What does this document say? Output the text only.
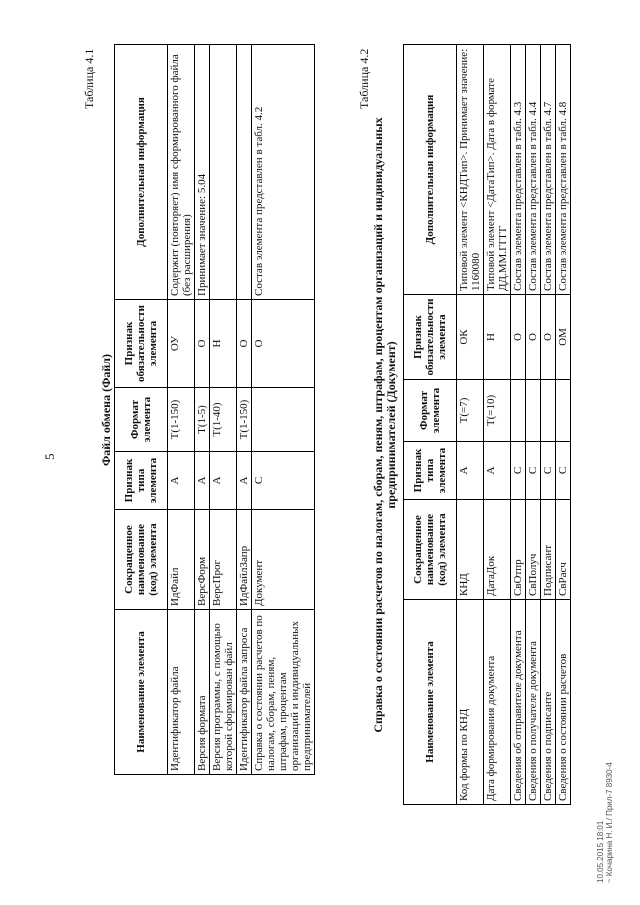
5
Таблица 4.1
Файл обмена (Файл)
Наименование элемента	Сокращенное наименование (код) элемента	Признак типа элемента	Формат элемента	Признак обязательности элемента	Дополнительная информация
Идентификатор файла	ИдФайл	А	T(1-150)	ОУ	Содержит (повторяет) имя сформированного файла (без расширения)
Версия формата	ВерсФорм	А	T(1-5)	О	Принимает значение: 5.04
Версия программы, с помощью которой сформирован файл	ВерсПрог	А	T(1-40)	Н	
Идентификатор файла запроса	ИдФайлЗапр	А	T(1-150)	О	
Справка о состоянии расчетов по налогам, сборам, пеням, штрафам, процентам организаций и индивидуальных предпринимателей	Документ	С		О	Состав элемента представлен в табл. 4.2
Таблица 4.2
Справка о состоянии расчетов по налогам, сборам, пеням, штрафам, процентам организаций и индивидуальных предпринимателей (Документ)
Наименование элемента	Сокращенное наименование (код) элемента	Признак типа элемента	Формат элемента	Признак обязательности элемента	Дополнительная информация
Код формы по КНД	КНД	А	T(=7)	ОК	Типовой элемент <КНДТип>. Принимает значение: 1160080
Дата формирования документа	ДатаДок	А	T(=10)	Н	Типовой элемент <ДатаТип>. Дата в формате ДД.ММ.ГГГГ
Сведения об отправителе документа	СвОтпр	С		О	Состав элемента представлен в табл. 4.3
Сведения о получателе документа	СвПолуч	С		О	Состав элемента представлен в табл. 4.4
Сведения о подписанте	Подписант	С		О	Состав элемента представлен в табл. 4.7
Сведения о состоянии расчетов	СвРасч	С		ОМ	Состав элемента представлен в табл. 4.8
10.05.2015 18:01 ~ Кочарина Н. И./ Прил-7 8930-4
